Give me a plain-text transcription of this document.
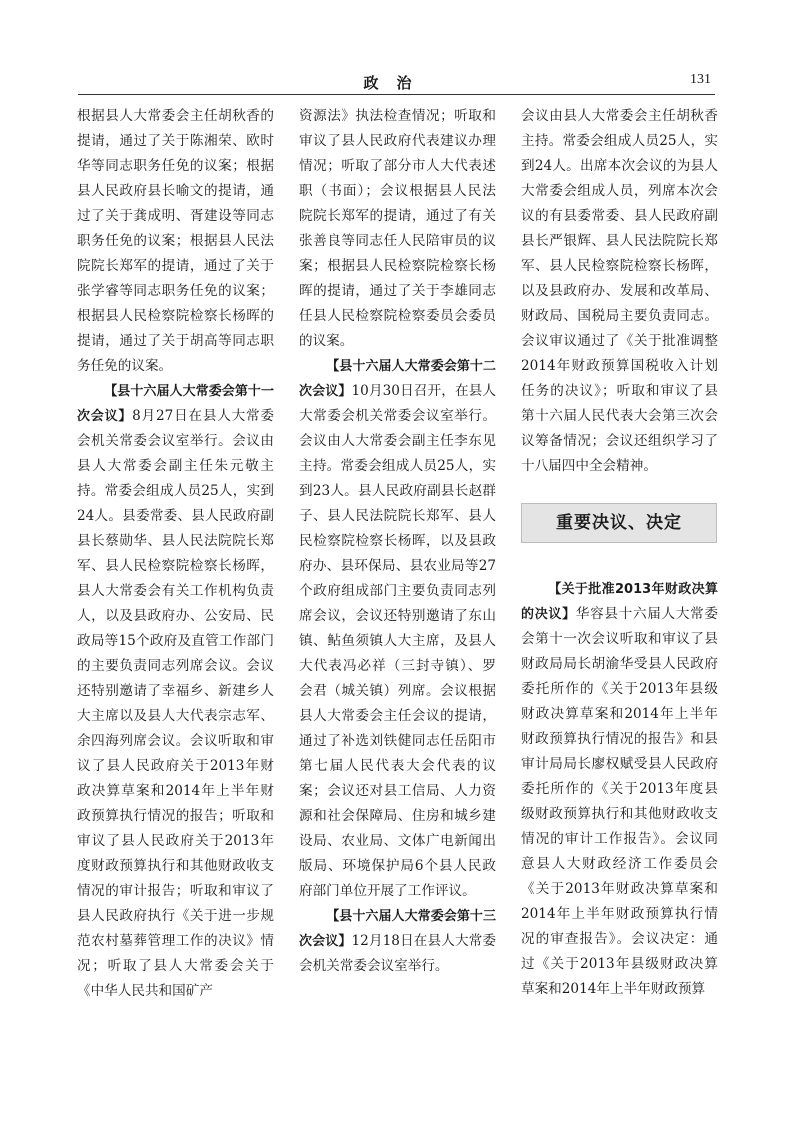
政治	131

根据县人大常委会主任胡秋香的提请，通过了关于陈湘荣、欧时华等同志职务任免的议案；根据县人民政府县长喻文的提请，通过了关于龚成明、胥建设等同志职务任免的议案；根据县人民法院院长郑军的提请，通过了关于张学睿等同志职务任免的议案；根据县人民检察院检察长杨晖的提请，通过了关于胡高等同志职务任免的议案。

【县十六届人大常委会第十一次会议】8月27日在县人大常委会机关常委会议室举行。会议由县人大常委会副主任朱元敬主持。常委会组成人员25人，实到24人。县委常委、县人民政府副县长蔡勋华、县人民法院院长郑军、县人民检察院检察长杨晖，县人大常委会有关工作机构负责人，以及县政府办、公安局、民政局等15个政府及直管工作部门的主要负责同志列席会议。会议还特别邀请了幸福乡、新建乡人大主席以及县人大代表宗志军、余四海列席会议。会议听取和审议了县人民政府关于2013年财政决算草案和2014年上半年财政预算执行情况的报告；听取和审议了县人民政府关于2013年度财政预算执行和其他财政收支情况的审计报告；听取和审议了县人民政府执行《关于进一步规范农村墓葬管理工作的决议》情况；听取了县人大常委会关于《中华人民共和国矿产

资源法》执法检查情况；听取和审议了县人民政府代表建议办理情况；听取了部分市人大代表述职（书面）；会议根据县人民法院院长郑军的提请，通过了有关张善良等同志任人民陪审员的议案；根据县人民检察院检察长杨晖的提请，通过了关于李雄同志任县人民检察院检察委员会委员的议案。

【县十六届人大常委会第十二次会议】10月30日召开，在县人大常委会机关常委会议室举行。会议由人大常委会副主任李东见主持。常委会组成人员25人，实到23人。县人民政府副县长赵群子、县人民法院院长郑军、县人民检察院检察长杨晖，以及县政府办、县环保局、县农业局等27个政府组成部门主要负责同志列席会议，会议还特别邀请了东山镇、鲇鱼须镇人大主席，及县人大代表冯必祥（三封寺镇）、罗会君（城关镇）列席。会议根据县人大常委会主任会议的提请，通过了补选刘铁健同志任岳阳市第七届人民代表大会代表的议案；会议还对县工信局、人力资源和社会保障局、住房和城乡建设局、农业局、文体广电新闻出版局、环境保护局6个县人民政府部门单位开展了工作评议。

【县十六届人大常委会第十三次会议】12月18日在县人大常委会机关常委会议室举行。

会议由县人大常委会主任胡秋香主持。常委会组成人员25人，实到24人。出席本次会议的为县人大常委会组成人员，列席本次会议的有县委常委、县人民政府副县长严银辉、县人民法院院长郑军、县人民检察院检察长杨晖，以及县政府办、发展和改革局、财政局、国税局主要负责同志。会议审议通过了《关于批准调整2014年财政预算国税收入计划任务的决议》；听取和审议了县第十六届人民代表大会第三次会议筹备情况；会议还组织学习了十八届四中全会精神。

重要决议、决定

【关于批准2013年财政决算的决议】华容县十六届人大常委会第十一次会议听取和审议了县财政局局长胡渝华受县人民政府委托所作的《关于2013年县级财政决算草案和2014年上半年财政预算执行情况的报告》和县审计局局长廖权赋受县人民政府委托所作的《关于2013年度县级财政预算执行和其他财政收支情况的审计工作报告》。会议同意县人大财政经济工作委员会《关于2013年财政决算草案和2014年上半年财政预算执行情况的审查报告》。会议决定：通过《关于2013年县级财政决算草案和2014年上半年财政预算
